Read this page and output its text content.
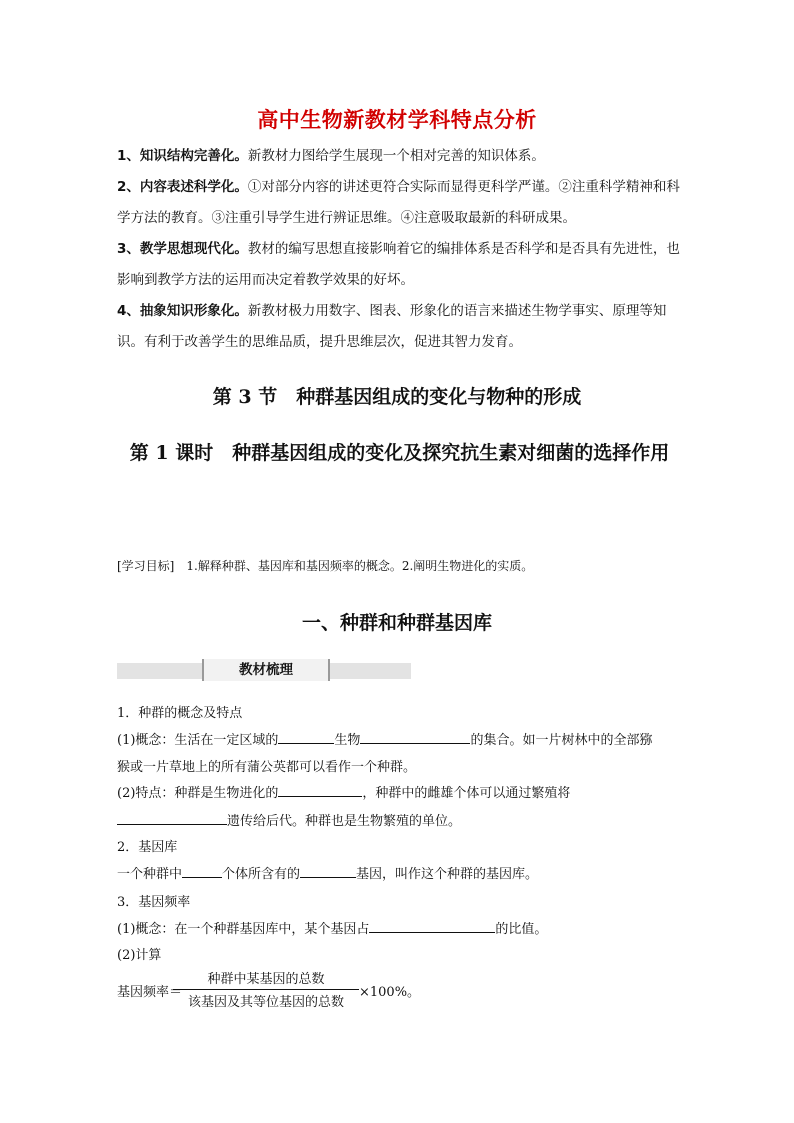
高中生物新教材学科特点分析

1、知识结构完善化。新教材力图给学生展现一个相对完善的知识体系。

2、内容表述科学化。①对部分内容的讲述更符合实际而显得更科学严谨。②注重科学精神和科学方法的教育。③注重引导学生进行辨证思维。④注意吸取最新的科研成果。

3、教学思想现代化。教材的编写思想直接影响着它的编排体系是否科学和是否具有先进性，也影响到教学方法的运用而决定着教学效果的好坏。

4、抽象知识形象化。新教材极力用数字、图表、形象化的语言来描述生物学事实、原理等知识。有利于改善学生的思维品质，提升思维层次，促进其智力发育。

第 3 节　种群基因组成的变化与物种的形成
第 1 课时　种群基因组成的变化及探究抗生素对细菌的选择作用
[学习目标]　1.解释种群、基因库和基因频率的概念。2.阐明生物进化的实质。
一、种群和种群基因库
教材梳理
1．种群的概念及特点
(1)概念：生活在一定区域的	生物	的集合。如一片树林中的全部猕
猴或一片草地上的所有蒲公英都可以看作一个种群。
(2)特点：种群是生物进化的	，种群中的雌雄个体可以通过繁殖将
遗传给后代。种群也是生物繁殖的单位。
2．基因库
一个种群中	个体所含有的	基因，叫作这个种群的基因库。
3．基因频率
(1)概念：在一个种群基因库中，某个基因占	的比值。
(2)计算
基因频率＝
种群中某基因的总数
该基因及其等位基因的总数
×100%。
